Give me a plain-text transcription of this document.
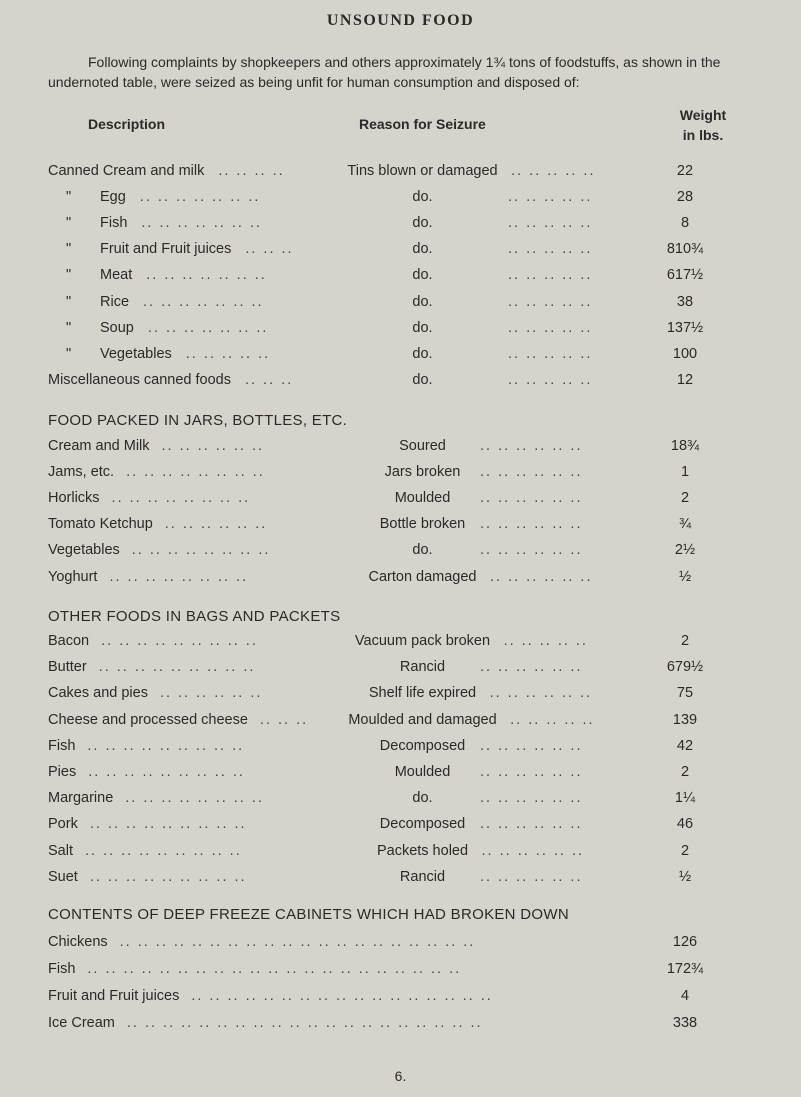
UNSOUND FOOD
Following complaints by shopkeepers and others approximately 1¾ tons of foodstuffs, as shown in the
undernoted table, were seized as being unfit for human consumption and disposed of:
Description	Reason for Seizure
Weight
in lbs.
Canned Cream and milk .. .. .. ..	Tins blown or damaged .. .. .. .. ..	22
" Egg .. .. .. .. .. .. ..	do.	.. .. .. .. ..	28
" Fish .. .. .. .. .. .. ..	do.	.. .. .. .. ..	8
" Fruit and Fruit juices .. .. ..	do.	.. .. .. .. ..	810¾
" Meat .. .. .. .. .. .. ..	do.	.. .. .. .. ..	617½
" Rice .. .. .. .. .. .. ..	do.	.. .. .. .. ..	38
" Soup .. .. .. .. .. .. ..	do.	.. .. .. .. ..	137½
" Vegetables .. .. .. .. ..	do.	.. .. .. .. ..	100
Miscellaneous canned foods .. .. ..	do.	.. .. .. .. ..	12
FOOD PACKED IN JARS, BOTTLES, ETC.
Cream and Milk .. .. .. .. .. ..	Soured	.. .. .. .. .. ..	18¾
Jams, etc. .. .. .. .. .. .. .. ..	Jars broken	.. .. .. .. .. ..	1
Horlicks .. .. .. .. .. .. .. ..	Moulded	.. .. .. .. .. ..	2
Tomato Ketchup .. .. .. .. .. ..	Bottle broken	.. .. .. .. .. ..	¾
Vegetables .. .. .. .. .. .. .. ..	do.	.. .. .. .. .. ..	2½
Yoghurt .. .. .. .. .. .. .. ..	Carton damaged .. .. .. .. .. ..	½
OTHER FOODS IN BAGS AND PACKETS
Bacon .. .. .. .. .. .. .. .. ..	Vacuum pack broken .. .. .. .. ..	2
Butter .. .. .. .. .. .. .. .. ..	Rancid	.. .. .. .. .. ..	679½
Cakes and pies .. .. .. .. .. ..	Shelf life expired .. .. .. .. .. ..	75
Cheese and processed cheese .. .. ..	Moulded and damaged .. .. .. .. ..	139
Fish .. .. .. .. .. .. .. .. ..	Decomposed	.. .. .. .. .. ..	42
Pies .. .. .. .. .. .. .. .. ..	Moulded	.. .. .. .. .. ..	2
Margarine .. .. .. .. .. .. .. ..	do.	.. .. .. .. .. ..	1¼
Pork .. .. .. .. .. .. .. .. ..	Decomposed	.. .. .. .. .. ..	46
Salt .. .. .. .. .. .. .. .. ..	Packets holed .. .. .. .. .. ..	2
Suet .. .. .. .. .. .. .. .. ..	Rancid	.. .. .. .. .. ..	½
CONTENTS OF DEEP FREEZE CABINETS WHICH HAD BROKEN DOWN
Chickens .. .. .. .. .. .. .. .. .. .. .. .. .. .. .. .. .. .. .. ..	126
Fish .. .. .. .. .. .. .. .. .. .. .. .. .. .. .. .. .. .. .. .. ..	172¾
Fruit and Fruit juices .. .. .. .. .. .. .. .. .. .. .. .. .. .. .. .. ..	4
Ice Cream .. .. .. .. .. .. .. .. .. .. .. .. .. .. .. .. .. .. .. ..	338
6.
